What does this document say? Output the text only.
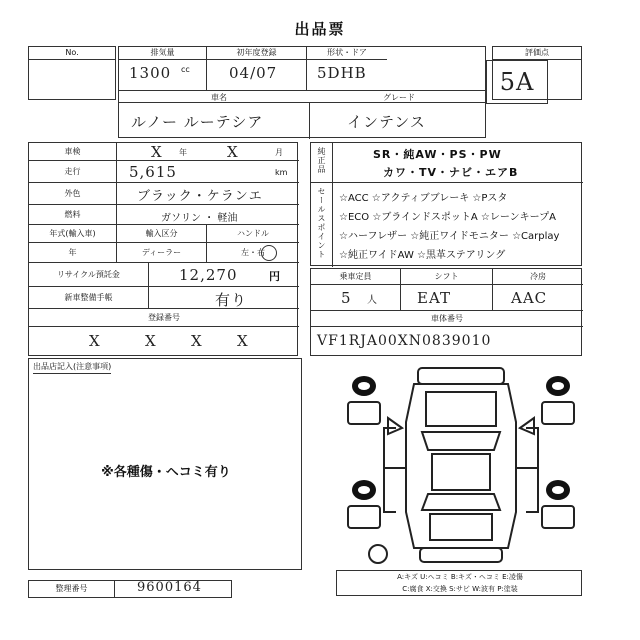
出品票
No.	排気量
1300 cc
初年度登録
04/07
形状・ドア
5DHB
車名	グレード
ルノー ルーテシア	インテンス
評価点
5A
車検	X 年	X	月
走行	5,615	km
外色	ブラック・ケランエ
燃料	ガソリン ・ 軽油
年式(輸入車)	輸入区分	ハンドル
年	ディーラー	左・右
リサイクル預託金	12,270	円
新車整備手帳	有り
登録番号
X	X X X
純正品	SR・純AW・PS・PW
カワ・TV・ナビ・エアB
セールスポイント ☆ACC ☆アクティブブレーキ ☆Pスタ
☆ECO ☆ブラインドスポットA ☆レーンキープA
☆ハーフレザー ☆純正ワイドモニター ☆Carplay
☆純正ワイドAW ☆黒革ステアリング
乗車定員	シフト	冷房
5 人	EAT	AAC
車体番号
VF1RJA00XN0839010
出品店記入(注意事項)
※各種傷・ヘコミ有り
A:キズ U:ヘコミ B:キズ・ヘコミ E:凌傷
C:腐食 X:交換 S:サビ W:波有 P:塗装
整理番号	9600164
